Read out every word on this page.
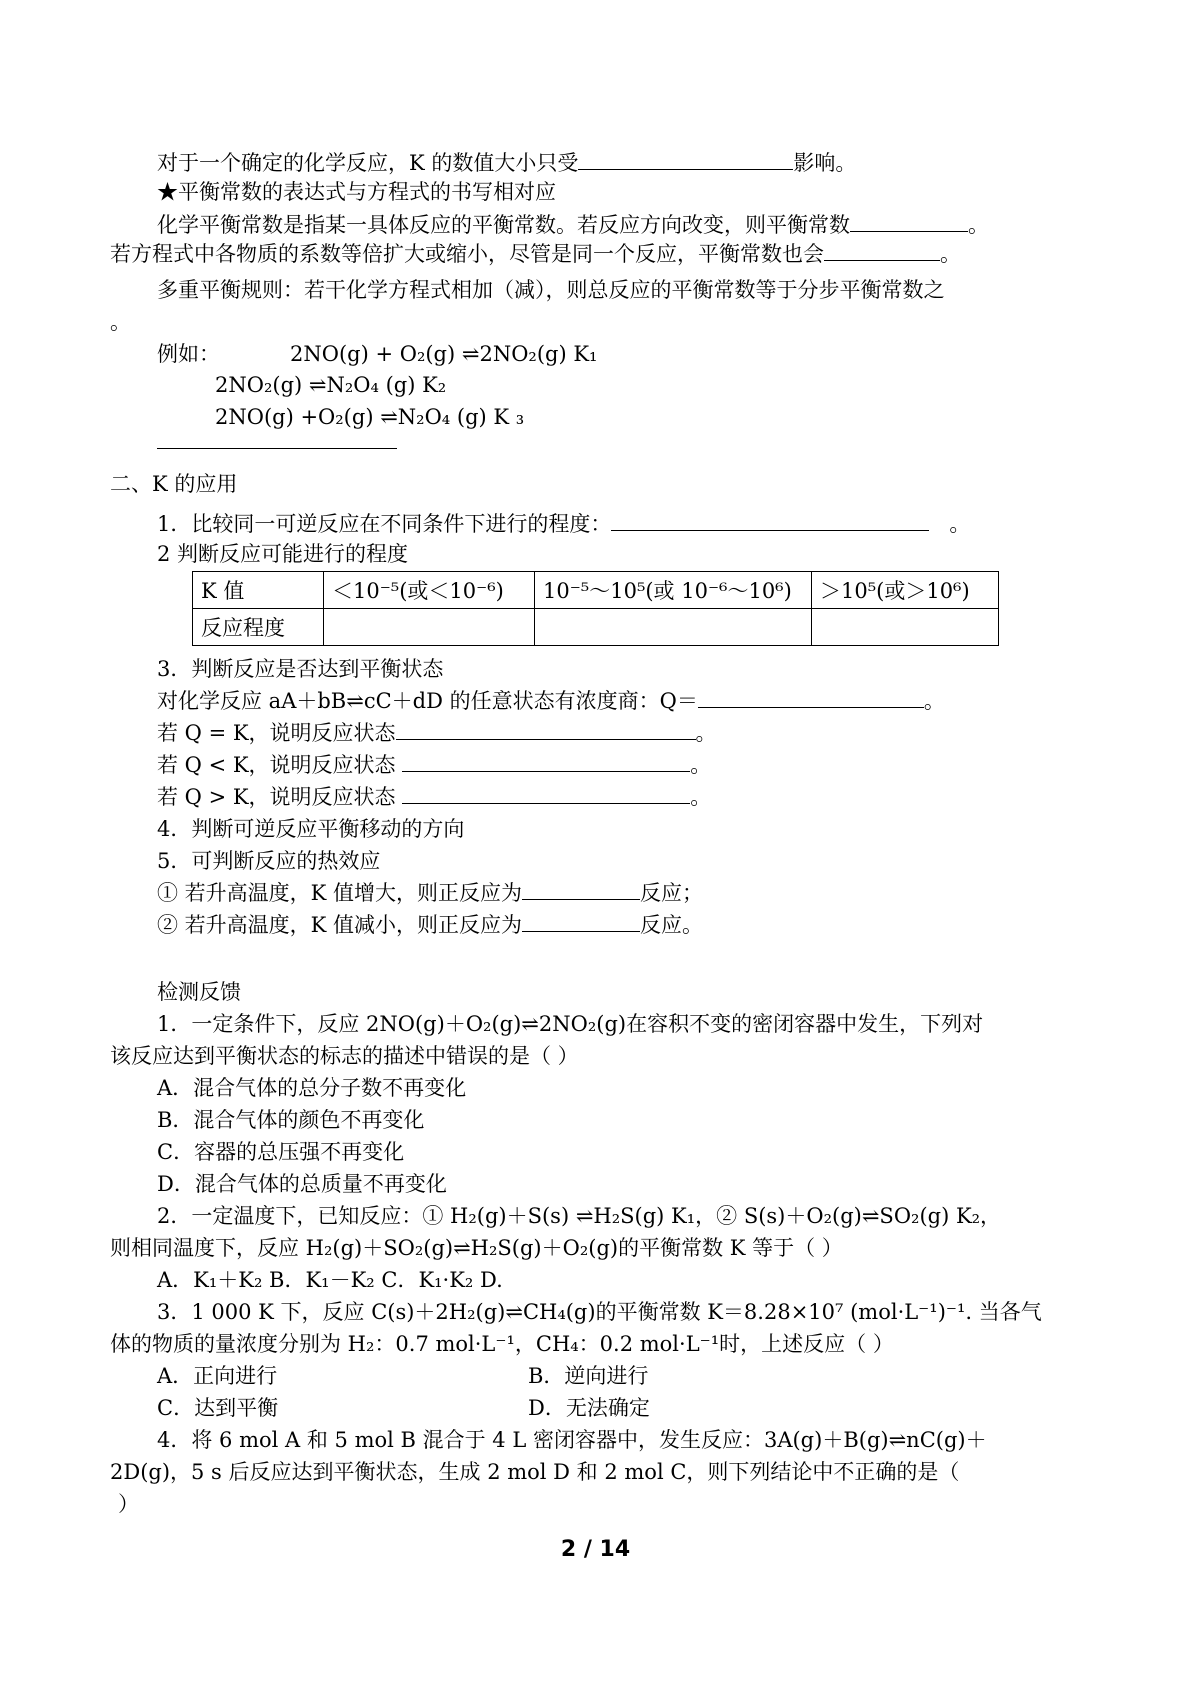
对于一个确定的化学反应，K 的数值大小只受	影响。
★平衡常数的表达式与方程式的书写相对应
化学平衡常数是指某一具体反应的平衡常数。若反应方向改变，则平衡常数	。
若方程式中各物质的系数等倍扩大或缩小，尽管是同一个反应，平衡常数也会	。
多重平衡规则：若干化学方程式相加（减），则总反应的平衡常数等于分步平衡常数之
。
例如：	2NO(g) + O₂(g) ⇌2NO₂(g) K₁
2NO₂(g) ⇌N₂O₄ (g) K₂
2NO(g) +O₂(g) ⇌N₂O₄ (g) K ₃
二、K 的应用
1．比较同一可逆反应在不同条件下进行的程度：	。
2 判断反应可能进行的程度
K 值	＜10⁻⁵(或＜10⁻⁶)	10⁻⁵～10⁵(或 10⁻⁶～10⁶)	＞10⁵(或＞10⁶)
反应程度			
3．判断反应是否达到平衡状态
对化学反应 aA＋bB⇌cC＋dD 的任意状态有浓度商：Q＝	。
若 Q = K，说明反应状态	。
若 Q < K，说明反应状态	。
若 Q > K，说明反应状态	。
4．判断可逆反应平衡移动的方向
5．可判断反应的热效应
① 若升高温度，K 值增大，则正反应为	反应；
② 若升高温度，K 值减小，则正反应为	反应。
检测反馈
1．一定条件下，反应 2NO(g)＋O₂(g)⇌2NO₂(g)在容积不变的密闭容器中发生，下列对
该反应达到平衡状态的标志的描述中错误的是（ ）
A．混合气体的总分子数不再变化
B．混合气体的颜色不再变化
C．容器的总压强不再变化
D．混合气体的总质量不再变化
2．一定温度下，已知反应：① H₂(g)＋S(s) ⇌H₂S(g) K₁，② S(s)＋O₂(g)⇌SO₂(g) K₂，
则相同温度下，反应 H₂(g)＋SO₂(g)⇌H₂S(g)＋O₂(g)的平衡常数 K 等于（ ）
A．K₁＋K₂ B．K₁－K₂ C．K₁·K₂ D.
3．1 000 K 下，反应 C(s)＋2H₂(g)⇌CH₄(g)的平衡常数 K＝8.28×10⁷ (mol·L⁻¹)⁻¹. 当各气
体的物质的量浓度分别为 H₂：0.7 mol·L⁻¹，CH₄：0.2 mol·L⁻¹时，上述反应（ ）
A．正向进行	B．逆向进行
C．达到平衡	D．无法确定
4．将 6 mol A 和 5 mol B 混合于 4 L 密闭容器中，发生反应：3A(g)＋B(g)⇌nC(g)＋
2D(g)，5 s 后反应达到平衡状态，生成 2 mol D 和 2 mol C，则下列结论中不正确的是（
）
2 / 14
